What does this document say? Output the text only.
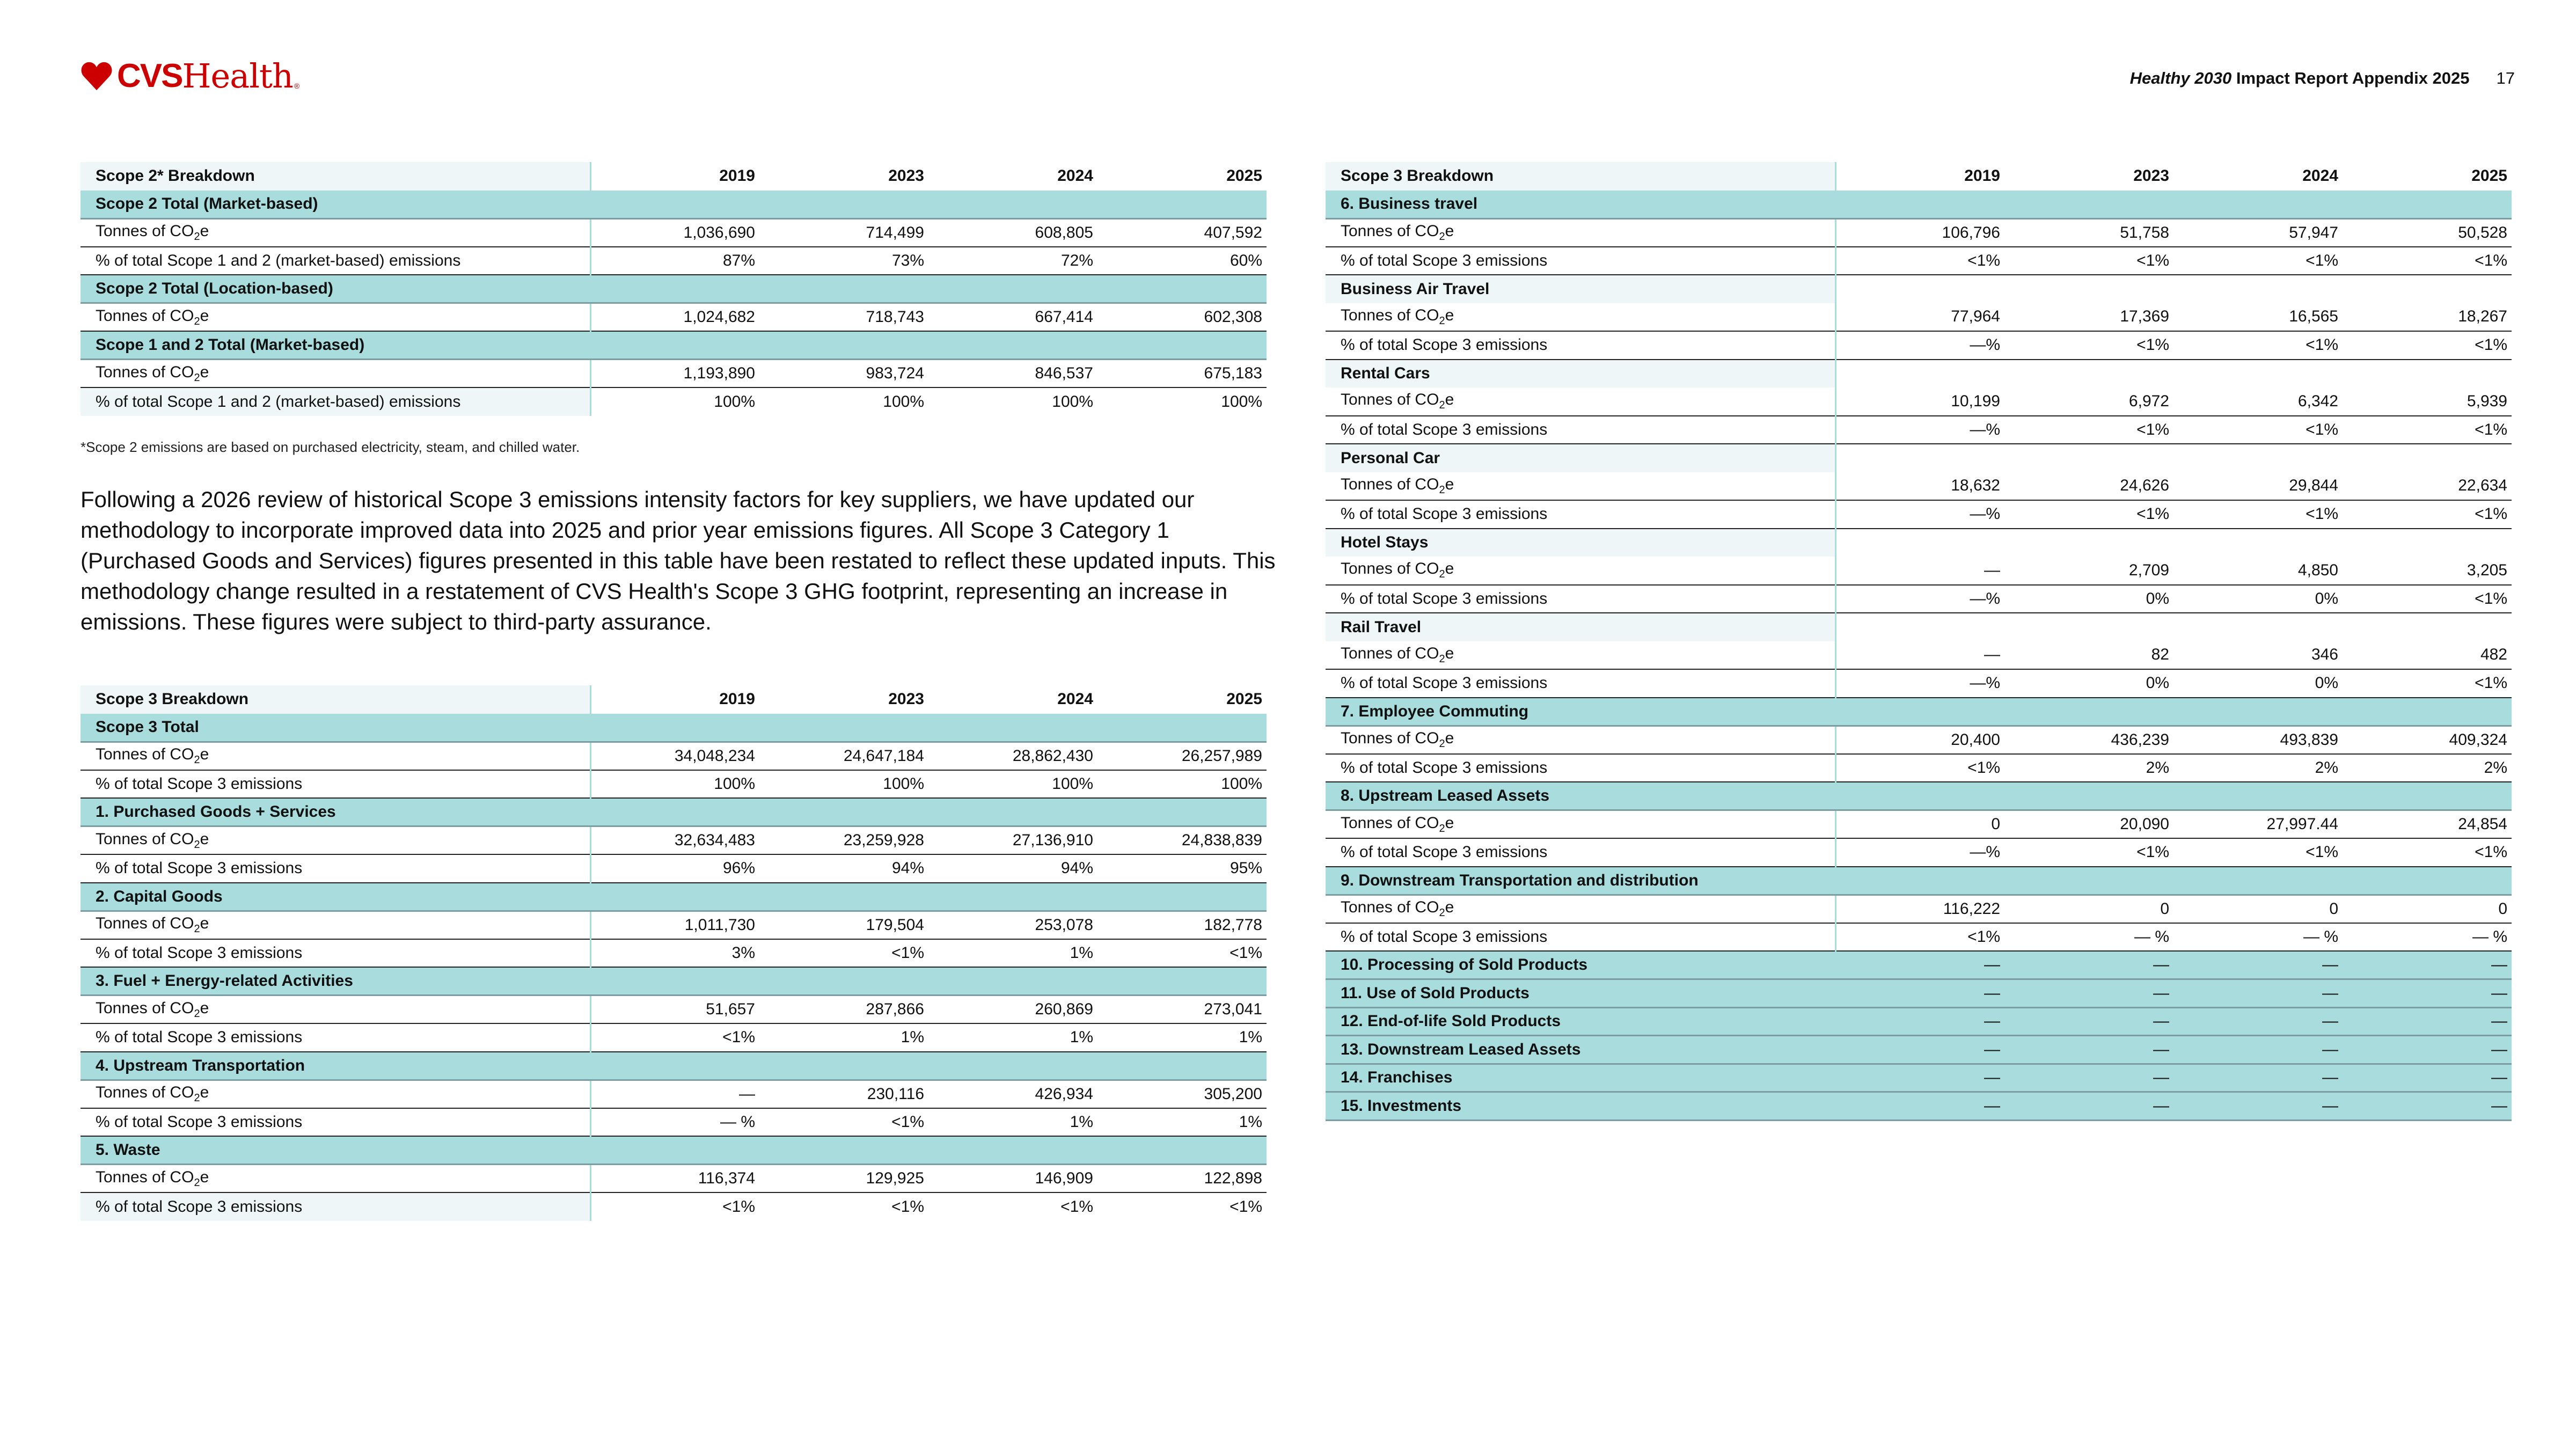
CVS Health ®	Healthy 2030 Impact Report Appendix 2025 17
Scope 2* Breakdown	2019	2023	2024	2025
Scope 2 Total (Market-based)				
Tonnes of $CO_2e$	1,036,690	714,499	608,805	407,592
% of total Scope 1 and 2 (market-based) emissions	87%	73%	72%	60%
Scope 2 Total (Location-based)				
Tonnes of $CO_2e$	1,024,682	718,743	667,414	602,308
Scope 1 and 2 Total (Market-based)				
Tonnes of $CO_2e$	1,193,890	983,724	846,537	675,183
% of total Scope 1 and 2 (market-based) emissions	100%	100%	100%	100%
*Scope 2 emissions are based on purchased electricity, steam, and chilled water.
Following a 2026 review of historical Scope 3 emissions intensity factors for key suppliers, we have updated our methodology to incorporate improved data into 2025 and prior year emissions figures. All Scope 3 Category 1 (Purchased Goods and Services) figures presented in this table have been restated to reflect these updated inputs. This methodology change resulted in a restatement of CVS Health's Scope 3 GHG footprint, representing an increase in emissions. These figures were subject to third-party assurance.
Scope 3 Breakdown	2019	2023	2024	2025
Scope 3 Total				
Tonnes of $CO_2e$	34,048,234	24,647,184	28,862,430	26,257,989
% of total Scope 3 emissions	100%	100%	100%	100%
1. Purchased Goods + Services				
Tonnes of $CO_2e$	32,634,483	23,259,928	27,136,910	24,838,839
% of total Scope 3 emissions	96%	94%	94%	95%
2. Capital Goods				
Tonnes of $CO_2e$	1,011,730	179,504	253,078	182,778
% of total Scope 3 emissions	3%	<1%	1%	<1%
3. Fuel + Energy-related Activities				
Tonnes of $CO_2e$	51,657	287,866	260,869	273,041
% of total Scope 3 emissions	<1%	1%	1%	1%
4. Upstream Transportation				
Tonnes of $CO_2e$	—	230,116	426,934	305,200
% of total Scope 3 emissions	— %	<1%	1%	1%
5. Waste				
Tonnes of $CO_2e$	116,374	129,925	146,909	122,898
% of total Scope 3 emissions	<1%	<1%	<1%	<1%
Scope 3 Breakdown	2019	2023	2024	2025
6. Business travel				
Tonnes of $CO_2e$	106,796	51,758	57,947	50,528
% of total Scope 3 emissions	<1%	<1%	<1%	<1%
Business Air Travel				
Tonnes of $CO_2e$	77,964	17,369	16,565	18,267
% of total Scope 3 emissions	—%	<1%	<1%	<1%
Rental Cars				
Tonnes of $CO_2e$	10,199	6,972	6,342	5,939
% of total Scope 3 emissions	—%	<1%	<1%	<1%
Personal Car				
Tonnes of $CO_2e$	18,632	24,626	29,844	22,634
% of total Scope 3 emissions	—%	<1%	<1%	<1%
Hotel Stays				
Tonnes of $CO_2e$	—	2,709	4,850	3,205
% of total Scope 3 emissions	—%	0%	0%	<1%
Rail Travel				
Tonnes of $CO_2e$	—	82	346	482
% of total Scope 3 emissions	—%	0%	0%	<1%
7. Employee Commuting				
Tonnes of $CO_2e$	20,400	436,239	493,839	409,324
% of total Scope 3 emissions	<1%	2%	2%	2%
8. Upstream Leased Assets				
Tonnes of $CO_2e$	0	20,090	27,997.44	24,854
% of total Scope 3 emissions	—%	<1%	<1%	<1%
9. Downstream Transportation and distribution				
Tonnes of $CO_2e$	116,222	0	0	0
% of total Scope 3 emissions	<1%	— %	— %	— %
10. Processing of Sold Products	—	—	—	—
11. Use of Sold Products	—	—	—	—
12. End-of-life Sold Products	—	—	—	—
13. Downstream Leased Assets	—	—	—	—
14. Franchises	—	—	—	—
15. Investments	—	—	—	—
